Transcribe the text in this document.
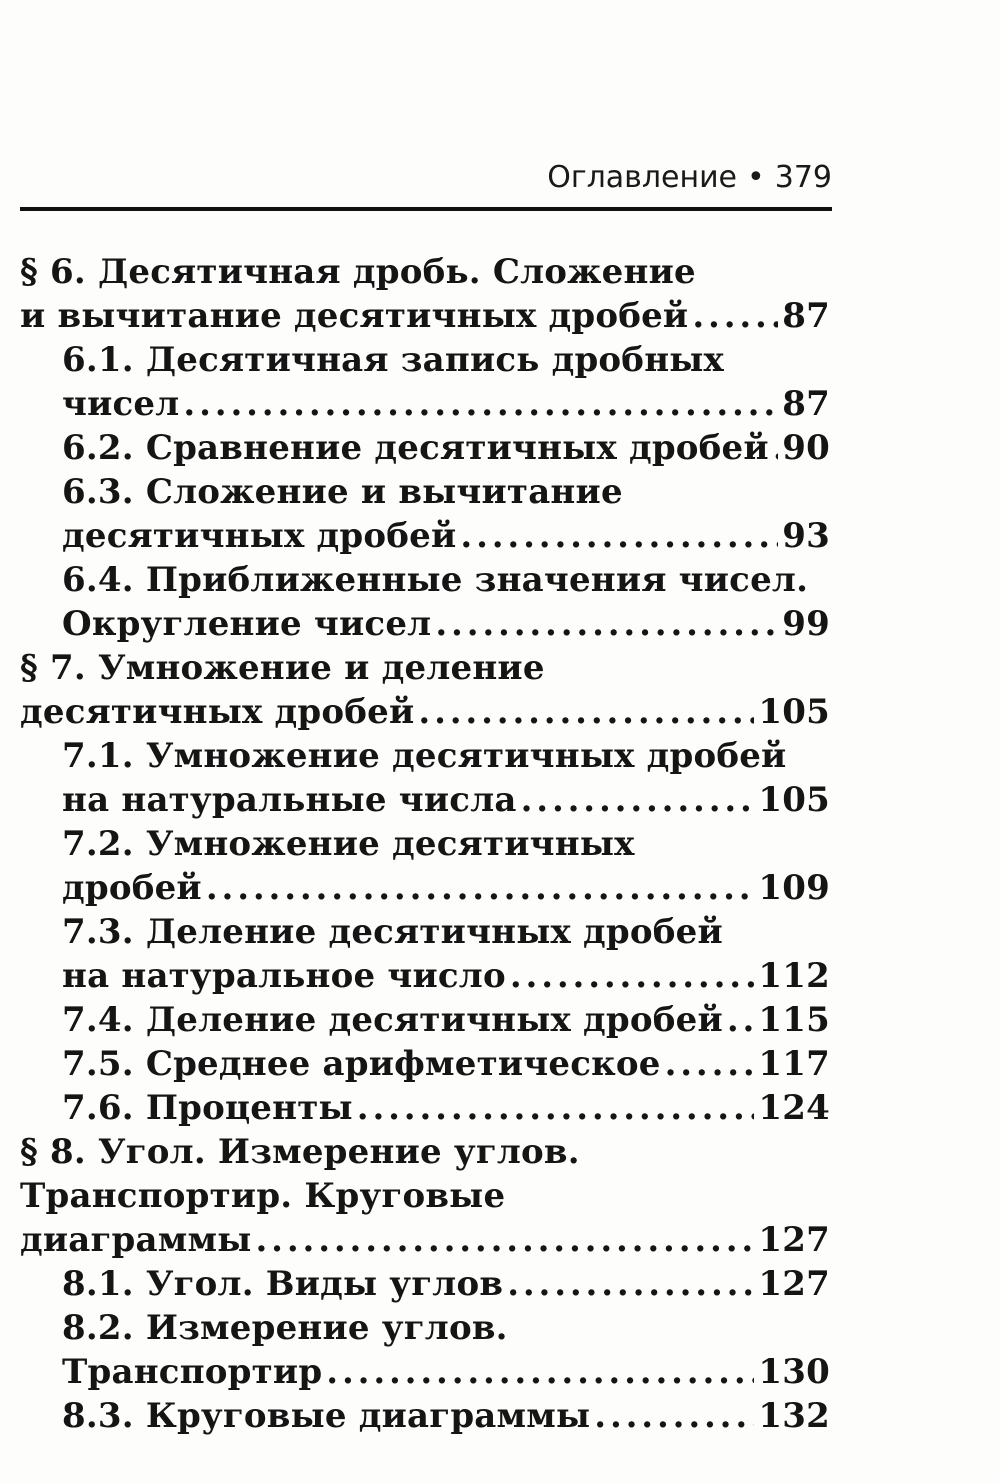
Оглавление • 379
§ 6. Десятичная дробь. Сложение
и вычитание десятичных дробей . . .	87
6.1. Десятичная запись дробных
чисел . . .	87
6.2. Сравнение десятичных дробей . . . 90
6.3. Сложение и вычитание
десятичных дробей . . .	93
6.4. Приближенные значения чисел.
Округление чисел . . .	99
§ 7. Умножение и деление
десятичных дробей . . .	105
7.1. Умножение десятичных дробей
на натуральные числа . . .	105
7.2. Умножение десятичных
дробей . . .	109
7.3. Деление десятичных дробей
на натуральное число . . .	112
7.4. Деление десятичных дробей . . . 115
7.5. Среднее арифметическое . . .	117
7.6. Проценты . . .	124
§ 8. Угол. Измерение углов.
Транспортир. Круговые
диаграммы . . .	127
8.1. Угол. Виды углов . . .	127
8.2. Измерение углов.
Транспортир . . .	130
8.3. Круговые диаграммы . . .	132
